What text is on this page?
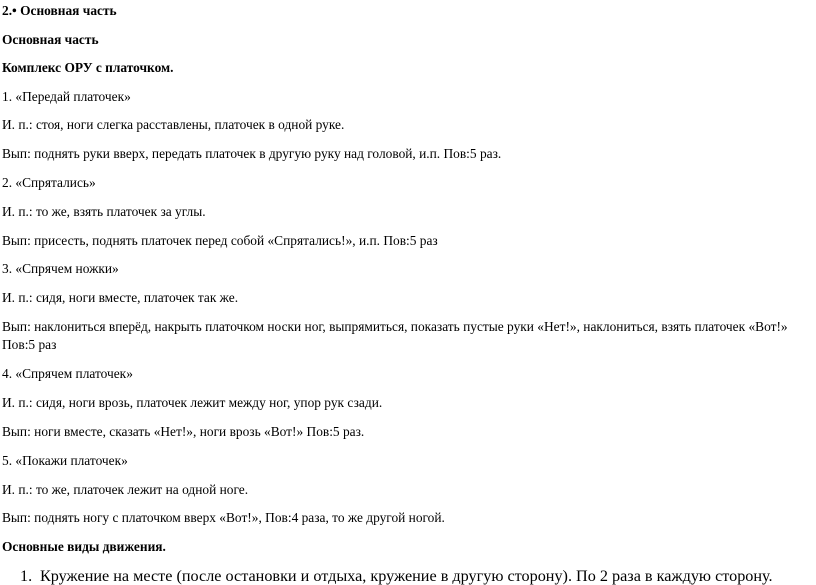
2.• Основная часть
Основная часть
Комплекс ОРУ с платочком.
1. «Передай платочек»
И. п.: стоя, ноги слегка расставлены, платочек в одной руке.
Вып: поднять руки вверх, передать платочек в другую руку над головой, и.п. Пов:5 раз.
2. «Спрятались»
И. п.: то же, взять платочек за углы.
Вып: присесть, поднять платочек перед собой «Спрятались!», и.п. Пов:5 раз
3. «Спрячем ножки»
И. п.: сидя, ноги вместе, платочек так же.
Вып: наклониться вперёд, накрыть платочком носки ног, выпрямиться, показать пустые руки «Нет!», наклониться, взять платочек «Вот!»
Пов:5 раз
4. «Спрячем платочек»
И. п.: сидя, ноги врозь, платочек лежит между ног, упор рук сзади.
Вып: ноги вместе, сказать «Нет!», ноги врозь «Вот!» Пов:5 раз.
5. «Покажи платочек»
И. п.: то же, платочек лежит на одной ноге.
Вып: поднять ногу с платочком вверх «Вот!», Пов:4 раза, то же другой ногой.
Основные виды движения.
1. Кружение на месте (после остановки и отдыха, кружение в другую сторону). По 2 раза в каждую сторону.
